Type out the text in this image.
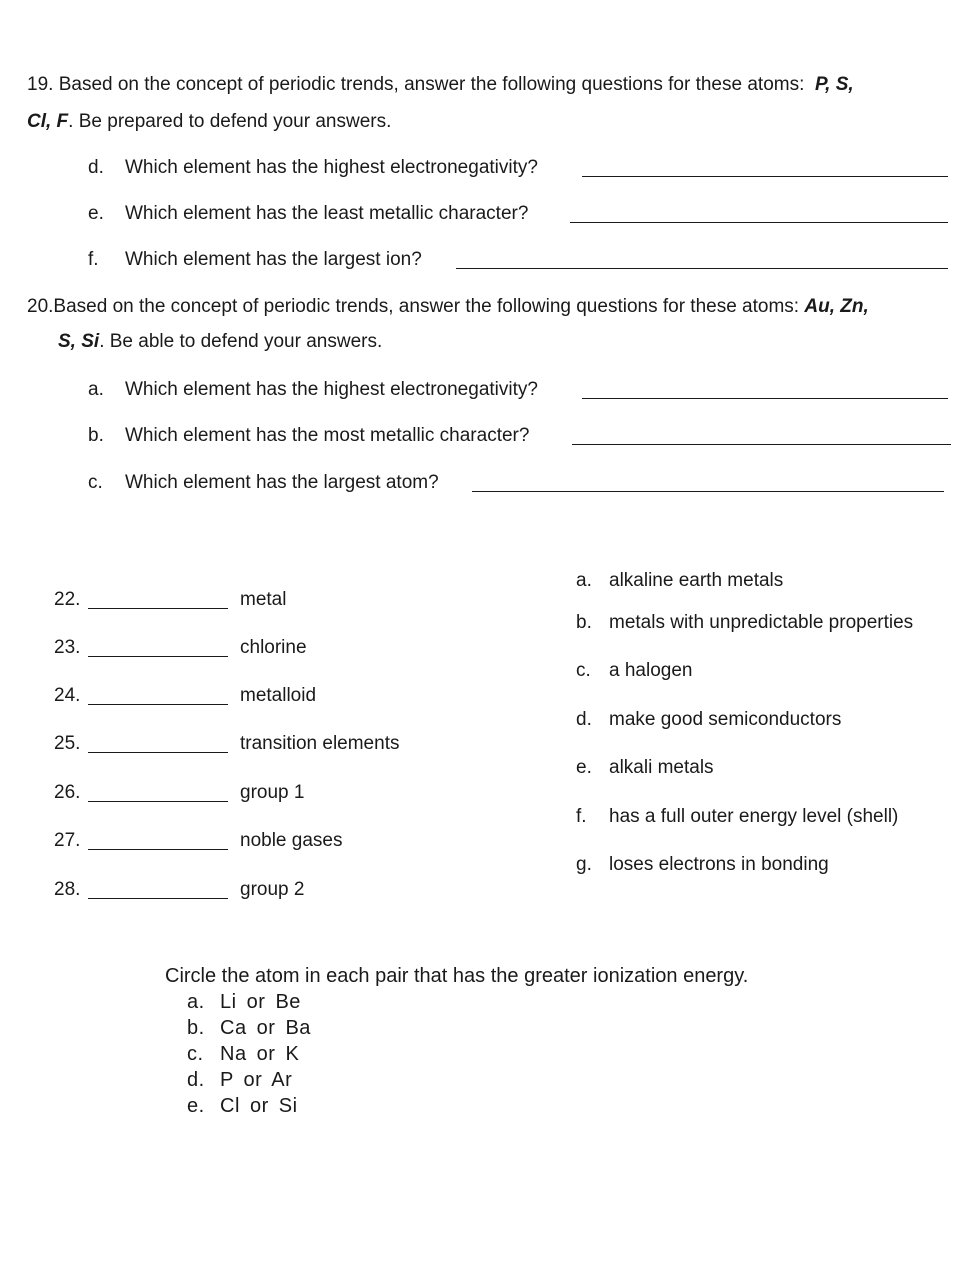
19. Based on the concept of periodic trends, answer the following questions for these atoms: P, S,
Cl, F. Be prepared to defend your answers.
d. Which element has the highest electronegativity?
e. Which element has the least metallic character?
f. Which element has the largest ion?
20.Based on the concept of periodic trends, answer the following questions for these atoms: Au, Zn,
S, Si. Be able to defend your answers.
a. Which element has the highest electronegativity?
b. Which element has the most metallic character?
c. Which element has the largest atom?
22.	metal
23.	chlorine
24.	metalloid
25.	transition elements
26.	group 1
27.	noble gases
28.	group 2
a. alkaline earth metals
b. metals with unpredictable properties
c. a halogen
d. make good semiconductors
e. alkali metals
f. has a full outer energy level (shell)
g. loses electrons in bonding
Circle the atom in each pair that has the greater ionization energy.
a. Li or Be
b. Ca or Ba
c. Na or K
d. P or Ar
e. Cl or Si
